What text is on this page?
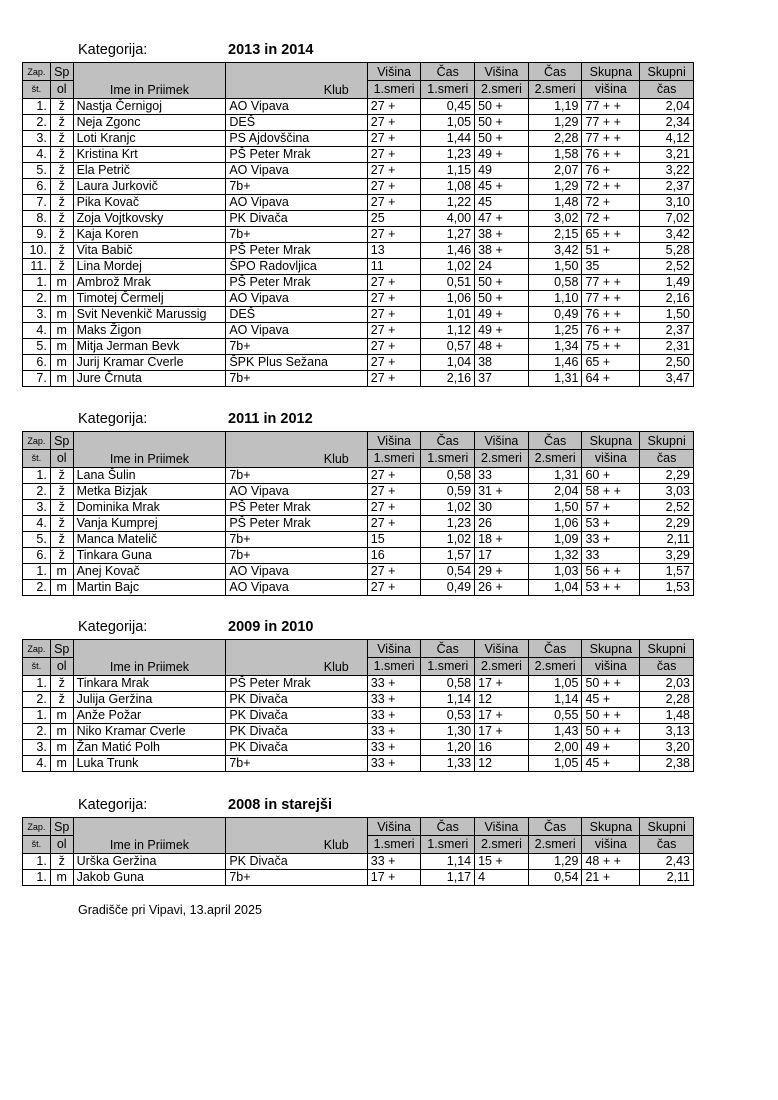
Kategorija:	2013 in 2014
Zap.	Sp	Ime in Priimek	Klub	Višina	Čas	Višina	Čas	Skupna	Skupni
št.	ol			1.smeri	1.smeri	2.smeri	2.smeri	višina	čas
1.	ž	Nastja Černigoj	AO Vipava	27 +	0,45	50 +	1,19	77 + +	2,04
2.	ž	Neja Zgonc	DEŠ	27 +	1,05	50 +	1,29	77 + +	2,34
3.	ž	Loti Kranjc	PS Ajdovščina	27 +	1,44	50 +	2,28	77 + +	4,12
4.	ž	Kristina Krt	PŠ Peter Mrak	27 +	1,23	49 +	1,58	76 + +	3,21
5.	ž	Ela Petrič	AO Vipava	27 +	1,15	49	2,07	76 +	3,22
6.	ž	Laura Jurkovič	7b+	27 +	1,08	45 +	1,29	72 + +	2,37
7.	ž	Pika Kovač	AO Vipava	27 +	1,22	45	1,48	72 +	3,10
8.	ž	Zoja Vojtkovsky	PK Divača	25	4,00	47 +	3,02	72 +	7,02
9.	ž	Kaja Koren	7b+	27 +	1,27	38 +	2,15	65 + +	3,42
10.	ž	Vita Babič	PŠ Peter Mrak	13	1,46	38 +	3,42	51 +	5,28
11.	ž	Lina Mordej	ŠPO Radovljica	11	1,02	24	1,50	35	2,52
1.	m	Ambrož Mrak	PŠ Peter Mrak	27 +	0,51	50 +	0,58	77 + +	1,49
2.	m	Timotej Čermelj	AO Vipava	27 +	1,06	50 +	1,10	77 + +	2,16
3.	m	Svit Nevenkič Marussig	DEŠ	27 +	1,01	49 +	0,49	76 + +	1,50
4.	m	Maks Žigon	AO Vipava	27 +	1,12	49 +	1,25	76 + +	2,37
5.	m	Mitja Jerman Bevk	7b+	27 +	0,57	48 +	1,34	75 + +	2,31
6.	m	Jurij Kramar Cverle	ŠPK Plus Sežana	27 +	1,04	38	1,46	65 +	2,50
7.	m	Jure Črnuta	7b+	27 +	2,16	37	1,31	64 +	3,47
Kategorija:	2011 in 2012
Zap.	Sp	Ime in Priimek	Klub	Višina	Čas	Višina	Čas	Skupna	Skupni
št.	ol			1.smeri	1.smeri	2.smeri	2.smeri	višina	čas
1.	ž	Lana Šulin	7b+	27 +	0,58	33	1,31	60 +	2,29
2.	ž	Metka Bizjak	AO Vipava	27 +	0,59	31 +	2,04	58 + +	3,03
3.	ž	Dominika Mrak	PŠ Peter Mrak	27 +	1,02	30	1,50	57 +	2,52
4.	ž	Vanja Kumprej	PŠ Peter Mrak	27 +	1,23	26	1,06	53 +	2,29
5.	ž	Manca Matelič	7b+	15	1,02	18 +	1,09	33 +	2,11
6.	ž	Tinkara Guna	7b+	16	1,57	17	1,32	33	3,29
1.	m	Anej Kovač	AO Vipava	27 +	0,54	29 +	1,03	56 + +	1,57
2.	m	Martin Bajc	AO Vipava	27 +	0,49	26 +	1,04	53 + +	1,53
Kategorija:	2009 in 2010
Zap.	Sp	Ime in Priimek	Klub	Višina	Čas	Višina	Čas	Skupna	Skupni
št.	ol			1.smeri	1.smeri	2.smeri	2.smeri	višina	čas
1.	ž	Tinkara Mrak	PŠ Peter Mrak	33 +	0,58	17 +	1,05	50 + +	2,03
2.	ž	Julija Geržina	PK Divača	33 +	1,14	12	1,14	45 +	2,28
1.	m	Anže Požar	PK Divača	33 +	0,53	17 +	0,55	50 + +	1,48
2.	m	Niko Kramar Cverle	PK Divača	33 +	1,30	17 +	1,43	50 + +	3,13
3.	m	Žan Matić Polh	PK Divača	33 +	1,20	16	2,00	49 +	3,20
4.	m	Luka Trunk	7b+	33 +	1,33	12	1,05	45 +	2,38
Kategorija:	2008 in starejši
Zap.	Sp	Ime in Priimek	Klub	Višina	Čas	Višina	Čas	Skupna	Skupni
št.	ol			1.smeri	1.smeri	2.smeri	2.smeri	višina	čas
1.	ž	Urška Geržina	PK Divača	33 +	1,14	15 +	1,29	48 + +	2,43
1.	m	Jakob Guna	7b+	17 +	1,17	4	0,54	21 +	2,11
Gradišče pri Vipavi, 13.april 2025
